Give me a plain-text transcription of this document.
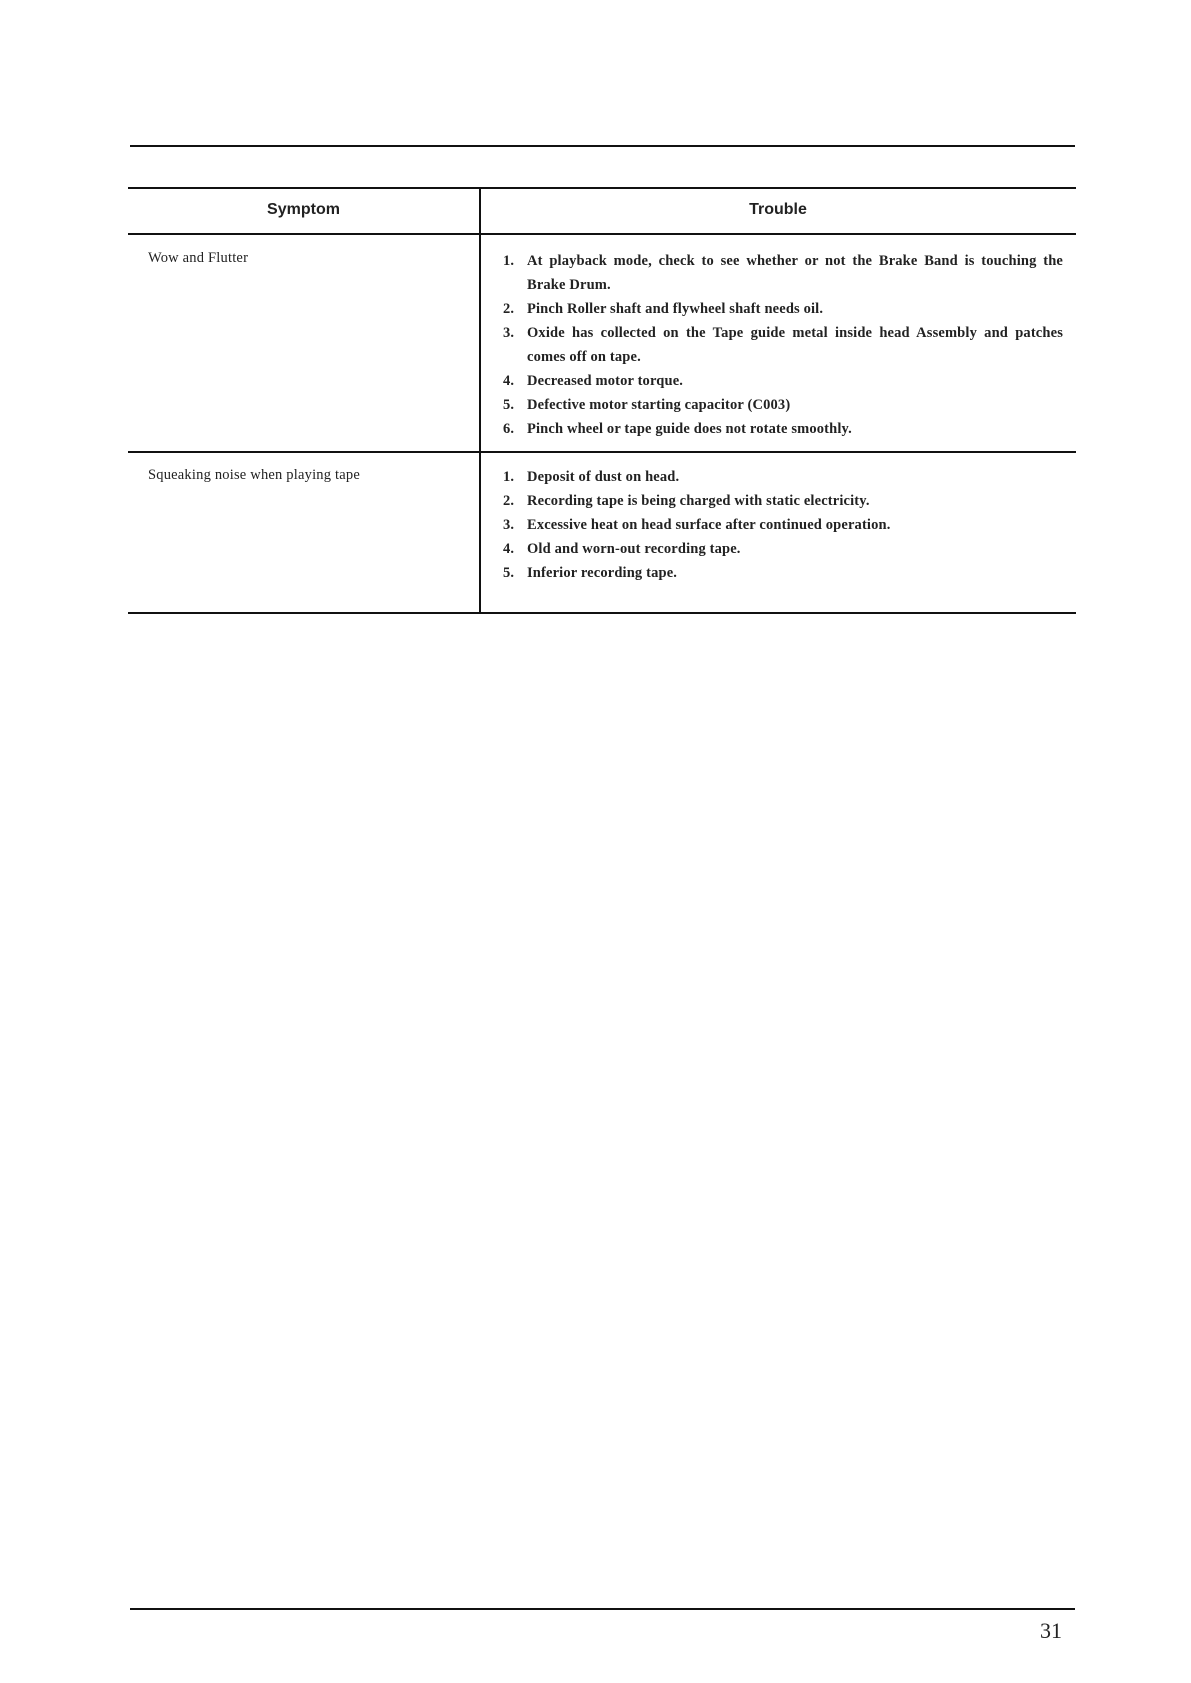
Symptom	Trouble
Wow and Flutter	1. At playback mode, check to see whether or not the Brake Band is touching the Brake Drum.
2. Pinch Roller shaft and flywheel shaft needs oil.
3. Oxide has collected on the Tape guide metal inside head Assembly and patches comes off on tape.
4. Decreased motor torque.
5. Defective motor starting capacitor (C003)
6. Pinch wheel or tape guide does not rotate smoothly.
Squeaking noise when playing tape	1. Deposit of dust on head.
2. Recording tape is being charged with static electricity.
3. Excessive heat on head surface after continued operation.
4. Old and worn-out recording tape.
5. Inferior recording tape.
31
